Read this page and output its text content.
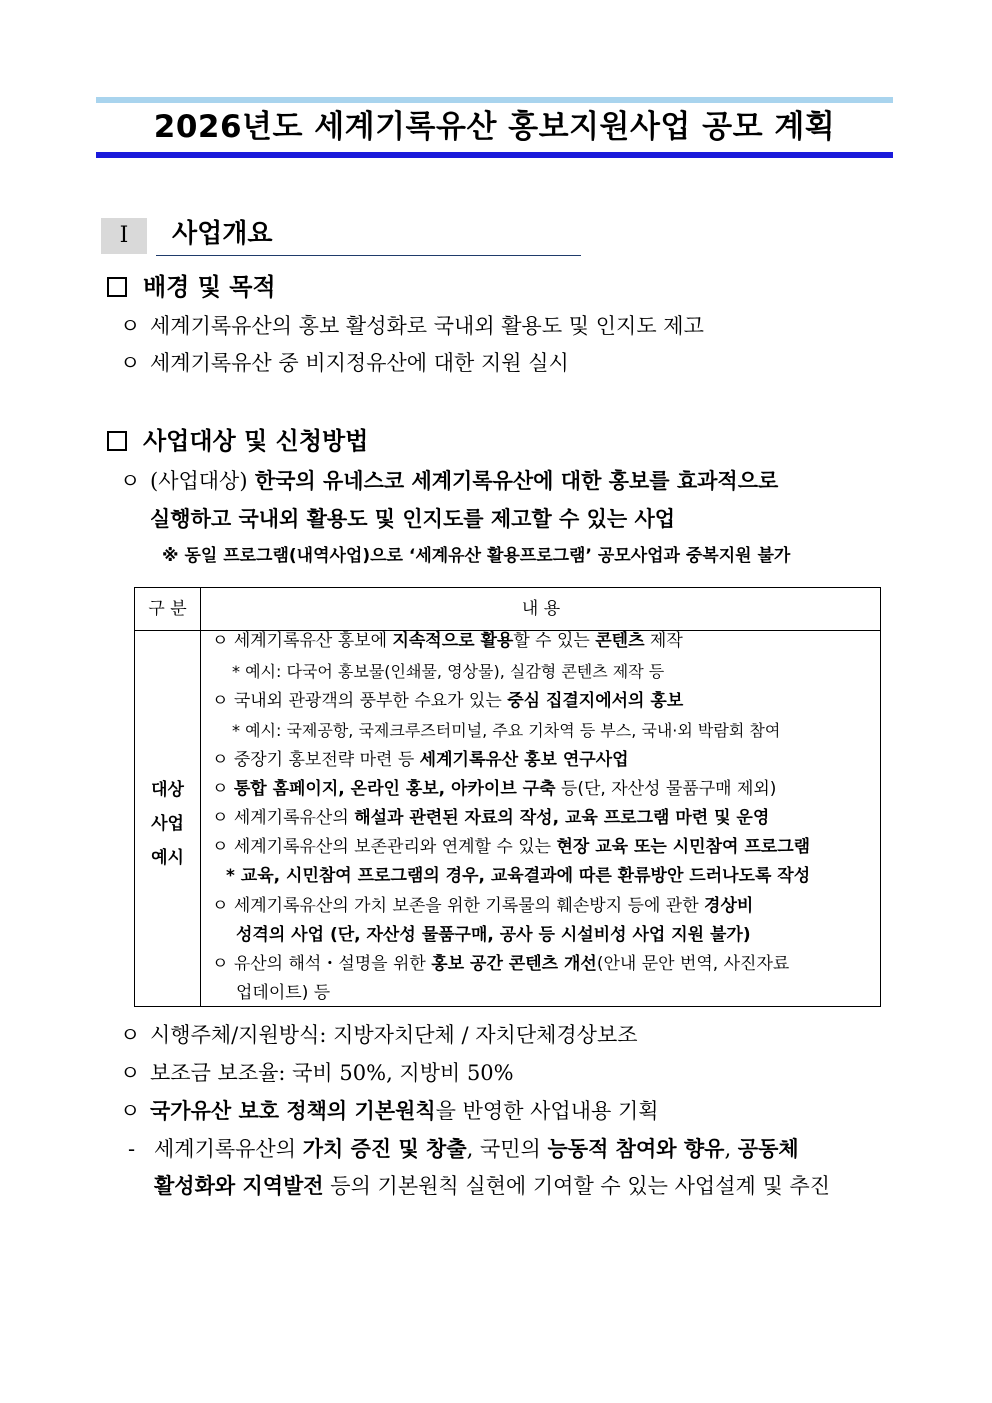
2026년도 세계기록유산 홍보지원사업 공모 계획
Ⅰ	사업개요
배경 및 목적
ㅇ 세계기록유산의 홍보 활성화로 국내외 활용도 및 인지도 제고
ㅇ 세계기록유산 중 비지정유산에 대한 지원 실시
사업대상 및 신청방법
ㅇ (사업대상) 한국의 유네스코 세계기록유산에 대한 홍보를 효과적으로
실행하고 국내외 활용도 및 인지도를 제고할 수 있는 사업
※ 동일 프로그램(내역사업)으로 ‘세계유산 활용프로그램’ 공모사업과 중복지원 불가
구 분	내 용
대상
사업
예시
ㅇ 세계기록유산 홍보에 지속적으로 활용할 수 있는 콘텐츠 제작
* 예시: 다국어 홍보물(인쇄물, 영상물), 실감형 콘텐츠 제작 등
ㅇ 국내외 관광객의 풍부한 수요가 있는 중심 집결지에서의 홍보
* 예시: 국제공항, 국제크루즈터미널, 주요 기차역 등 부스, 국내·외 박람회 참여
ㅇ 중장기 홍보전략 마련 등 세계기록유산 홍보 연구사업
ㅇ 통합 홈페이지, 온라인 홍보, 아카이브 구축 등(단, 자산성 물품구매 제외)
ㅇ 세계기록유산의 해설과 관련된 자료의 작성, 교육 프로그램 마련 및 운영
ㅇ 세계기록유산의 보존관리와 연계할 수 있는 현장 교육 또는 시민참여 프로그램
* 교육, 시민참여 프로그램의 경우, 교육결과에 따른 환류방안 드러나도록 작성
ㅇ 세계기록유산의 가치 보존을 위한 기록물의 훼손방지 등에 관한 경상비
성격의 사업 (단, 자산성 물품구매, 공사 등 시설비성 사업 지원 불가)
ㅇ 유산의 해석・설명을 위한 홍보 공간 콘텐츠 개선(안내 문안 번역, 사진자료
업데이트) 등
ㅇ 시행주체/지원방식: 지방자치단체 / 자치단체경상보조
ㅇ 보조금 보조율: 국비 50%, 지방비 50%
ㅇ 국가유산 보호 정책의 기본원칙을 반영한 사업내용 기획
- 세계기록유산의 가치 증진 및 창출, 국민의 능동적 참여와 향유, 공동체
활성화와 지역발전 등의 기본원칙 실현에 기여할 수 있는 사업설계 및 추진
